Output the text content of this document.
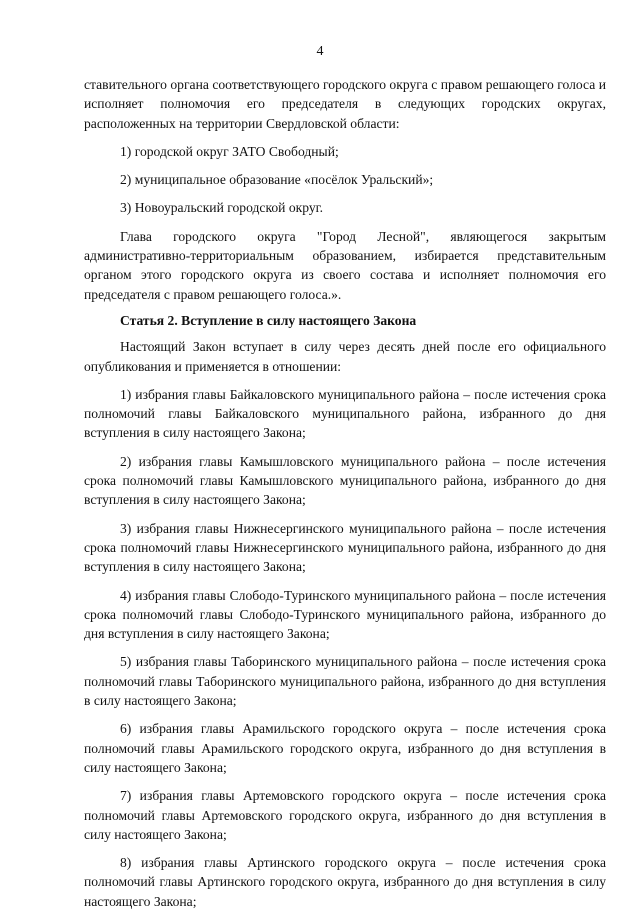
4

ставительного органа соответствующего городского округа с правом решающего голоса и исполняет полномочия его председателя в следующих городских округах, расположенных на территории Свердловской области:

1) городской округ ЗАТО Свободный;

2) муниципальное образование «посёлок Уральский»;

3) Новоуральский городской округ.

Глава городского округа "Город Лесной", являющегося закрытым административно-территориальным образованием, избирается представительным органом этого городского округа из своего состава и исполняет полномочия его председателя с правом решающего голоса.».

Статья 2. Вступление в силу настоящего Закона

Настоящий Закон вступает в силу через десять дней после его официального опубликования и применяется в отношении:

1) избрания главы Байкаловского муниципального района – после истечения срока полномочий главы Байкаловского муниципального района, избранного до дня вступления в силу настоящего Закона;

2) избрания главы Камышловского муниципального района – после истечения срока полномочий главы Камышловского муниципального района, избранного до дня вступления в силу настоящего Закона;

3) избрания главы Нижнесергинского муниципального района – после истечения срока полномочий главы Нижнесергинского муниципального района, избранного до дня вступления в силу настоящего Закона;

4) избрания главы Слободо-Туринского муниципального района – после истечения срока полномочий главы Слободо-Туринского муниципального района, избранного до дня вступления в силу настоящего Закона;

5) избрания главы Таборинского муниципального района – после истечения срока полномочий главы Таборинского муниципального района, избранного до дня вступления в силу настоящего Закона;

6) избрания главы Арамильского городского округа – после истечения срока полномочий главы Арамильского городского округа, избранного до дня вступления в силу настоящего Закона;

7) избрания главы Артемовского городского округа – после истечения срока полномочий главы Артемовского городского округа, избранного до дня вступления в силу настоящего Закона;

8) избрания главы Артинского городского округа – после истечения срока полномочий главы Артинского городского округа, избранного до дня вступления в силу настоящего Закона;
